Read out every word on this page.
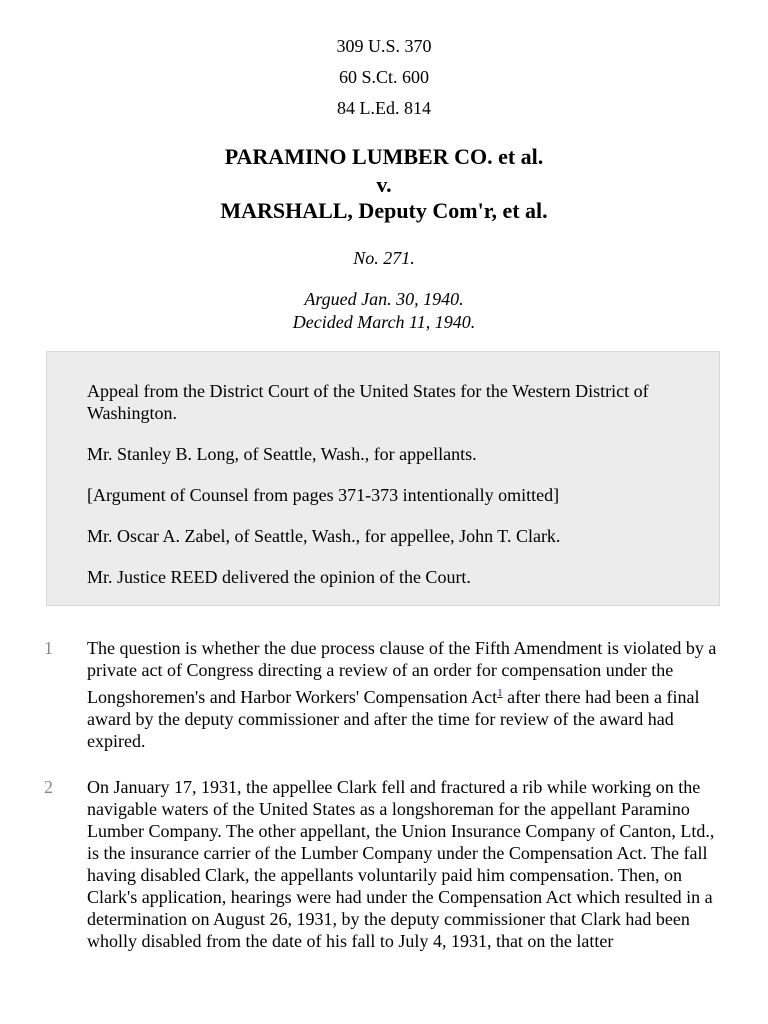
309 U.S. 370
60 S.Ct. 600
84 L.Ed. 814
PARAMINO LUMBER CO. et al.
v.
MARSHALL, Deputy Com'r, et al.
No. 271.
Argued Jan. 30, 1940.
Decided March 11, 1940.

Appeal from the District Court of the United States for the Western District of Washington.

Mr. Stanley B. Long, of Seattle, Wash., for appellants.

[Argument of Counsel from pages 371-373 intentionally omitted]

Mr. Oscar A. Zabel, of Seattle, Wash., for appellee, John T. Clark.

Mr. Justice REED delivered the opinion of the Court.

1 The question is whether the due process clause of the Fifth Amendment is violated by a private act of Congress directing a review of an order for compensation under the Longshoremen's and Harbor Workers' Compensation Act$^1$ after there had been a final award by the deputy commissioner and after the time for review of the award had expired.

2 On January 17, 1931, the appellee Clark fell and fractured a rib while working on the navigable waters of the United States as a longshoreman for the appellant Paramino Lumber Company. The other appellant, the Union Insurance Company of Canton, Ltd., is the insurance carrier of the Lumber Company under the Compensation Act. The fall having disabled Clark, the appellants voluntarily paid him compensation. Then, on Clark's application, hearings were had under the Compensation Act which resulted in a determination on August 26, 1931, by the deputy commissioner that Clark had been wholly disabled from the date of his fall to July 4, 1931, that on the latter
